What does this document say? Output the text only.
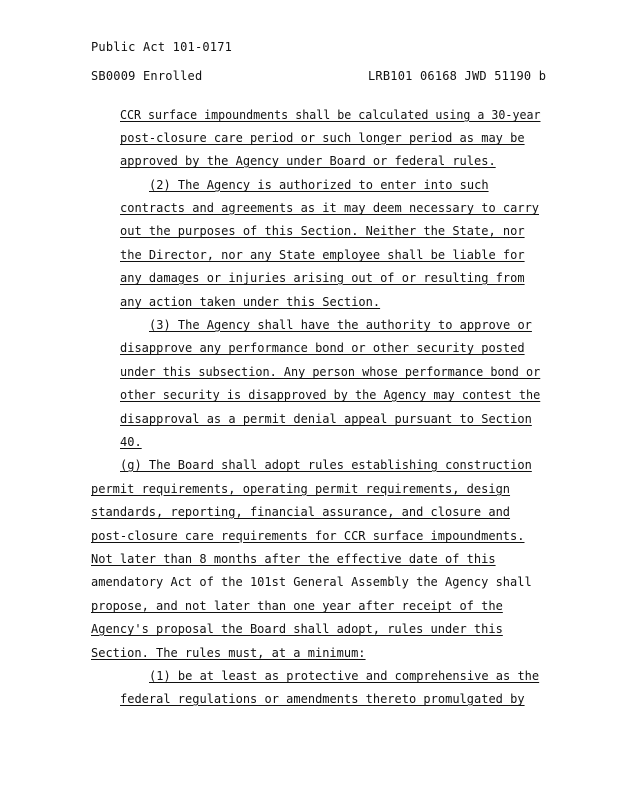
Public Act 101-0171
SB0009 Enrolled	LRB101 06168 JWD 51190 b
CCR surface impoundments shall be calculated using a 30-year
post-closure care period or such longer period as may be
approved by the Agency under Board or federal rules.
(2) The Agency is authorized to enter into such
contracts and agreements as it may deem necessary to carry
out the purposes of this Section. Neither the State, nor
the Director, nor any State employee shall be liable for
any damages or injuries arising out of or resulting from
any action taken under this Section.
(3) The Agency shall have the authority to approve or
disapprove any performance bond or other security posted
under this subsection. Any person whose performance bond or
other security is disapproved by the Agency may contest the
disapproval as a permit denial appeal pursuant to Section
40.
(g) The Board shall adopt rules establishing construction
permit requirements, operating permit requirements, design
standards, reporting, financial assurance, and closure and
post-closure care requirements for CCR surface impoundments.
Not later than 8 months after the effective date of this
amendatory Act of the 101st General Assembly the Agency shall
propose, and not later than one year after receipt of the
Agency's proposal the Board shall adopt, rules under this
Section. The rules must, at a minimum:
(1) be at least as protective and comprehensive as the
federal regulations or amendments thereto promulgated by
